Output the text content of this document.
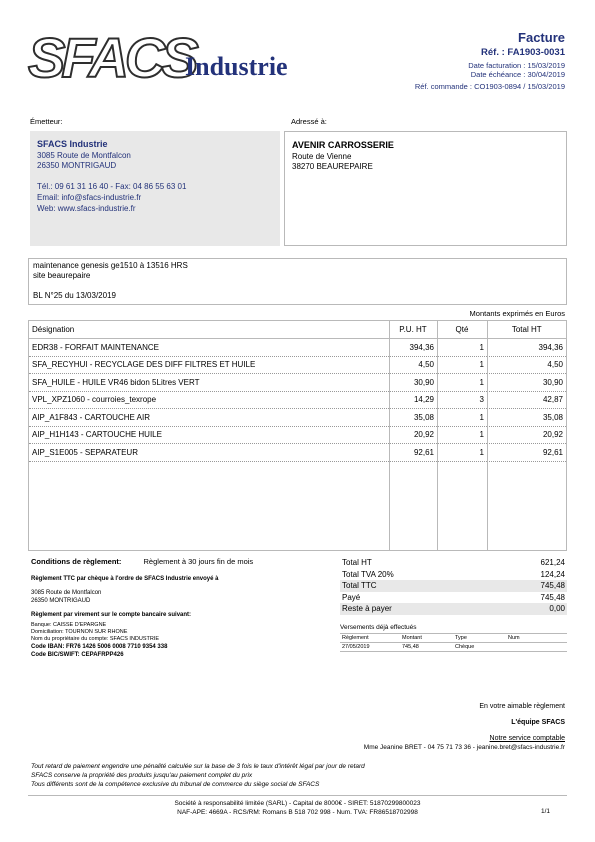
SFACS
Industrie
Facture
Réf. : FA1903-0031
Date facturation : 15/03/2019
Date échéance : 30/04/2019
Réf. commande : CO1903-0894 / 15/03/2019
Émetteur:
SFACS Industrie
3085 Route de Montfalcon
26350 MONTRIGAUD
Tél.: 09 61 31 16 40 - Fax: 04 86 55 63 01
Email: info@sfacs-industrie.fr
Web: www.sfacs-industrie.fr
Adressé à:
AVENIR CARROSSERIE
Route de Vienne
38270 BEAUREPAIRE
maintenance genesis ge1510 à 13516 HRS
site beaurepaire
BL N°25 du 13/03/2019
Montants exprimés en Euros
Désignation	P.U. HT	Qté	Total HT
EDR38 - FORFAIT MAINTENANCE	394,36	1	394,36
SFA_RECYHUI - RECYCLAGE DES DIFF FILTRES ET HUILE	4,50	1	4,50
SFA_HUILE - HUILE VR46 bidon 5Litres VERT	30,90	1	30,90
VPL_XPZ1060 - courroies_texrope	14,29	3	42,87
AIP_A1F843 - CARTOUCHE AIR	35,08	1	35,08
AIP_H1H143 - CARTOUCHE HUILE	20,92	1	20,92
AIP_S1E005 - SEPARATEUR	92,61	1	92,61
Conditions de règlement:	Règlement à 30 jours fin de mois
Règlement TTC par chèque à l'ordre de SFACS Industrie envoyé à
3085 Route de Montfalcon
26350 MONTRIGAUD
Règlement par virement sur le compte bancaire suivant:
Banque: CAISSE D'EPARGNE
Domiciliation: TOURNON SUR RHONE
Nom du propriétaire du compte: SFACS INDUSTRIE
Code IBAN: FR76 1426 5006 0008 7710 9354 338
Code BIC/SWIFT: CEPAFRPP426
Total HT	621,24
Total TVA 20%	124,24
Total TTC	745,48
Payé	745,48
Reste à payer	0,00
Versements déjà effectués
Règlement	Montant	Type	Num
27/05/2019	745,48	Chèque
En votre aimable règlement
L'équipe SFACS
Notre service comptable
Mme Jeanine BRET - 04 75 71 73 36 - jeanine.bret@sfacs-industrie.fr
Tout retard de paiement engendre une pénalité calculée sur la base de 3 fois le taux d'intérêt légal par jour de retard
SFACS conserve la propriété des produits jusqu'au paiement complet du prix
Tous différents sont de la compétence exclusive du tribunal de commerce du siège social de SFACS
Société à responsabilité limitée (SARL) - Capital de 8000€ - SIRET: 51870299800023
NAF-APE: 4669A - RCS/RM: Romans B 518 702 998 - Num. TVA: FR86518702998	1/1
